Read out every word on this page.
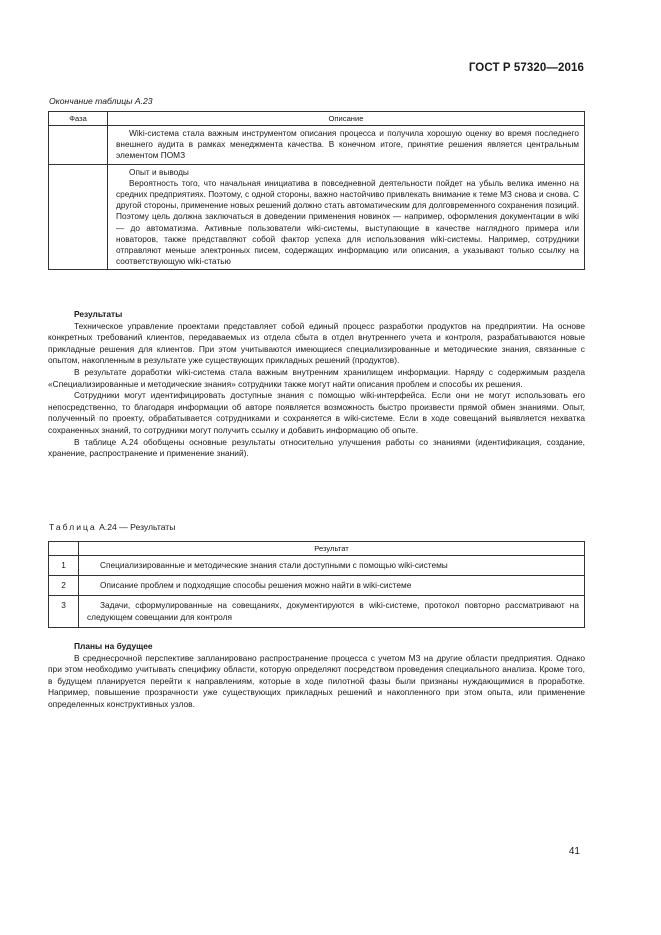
ГОСТ Р 57320—2016
Окончание таблицы А.23
Фаза	Описание

	Wiki-система стала важным инструментом описания процесса и получила хорошую оценку во время последнего внешнего аудита в рамках менеджмента качества. В конечном итоге, принятие решения является центральным элементом ПОМЗ

	Опыт и выводы

Вероятность того, что начальная инициатива в повседневной деятельности пойдет на убыль велика именно на средних предприятиях. Поэтому, с одной стороны, важно настойчиво привлекать внимание к теме МЗ снова и снова. С другой стороны, применение новых решений должно стать автоматическим для долговременного сохранения позиций. Поэтому цель должна заключаться в доведении применения новинок — например, оформления документации в wiki — до автоматизма. Активные пользователи wiki-системы, выступающие в качестве наглядного примера или новаторов, также представляют собой фактор успеха для использования wiki-системы. Например, сотрудники отправляют меньше электронных писем, содержащих информацию или описания, а указывают только ссылку на соответствующую wiki-статью

Результаты

Техническое управление проектами представляет собой единый процесс разработки продуктов на предприятии. На основе конкретных требований клиентов, передаваемых из отдела сбыта в отдел внутреннего учета и контроля, разрабатываются новые прикладные решения для клиентов. При этом учитываются имеющиеся специализированные и методические знания, связанные с опытом, накопленным в результате уже существующих прикладных решений (продуктов).

В результате доработки wiki-система стала важным внутренним хранилищем информации. Наряду с содержимым раздела «Специализированные и методические знания» сотрудники также могут найти описания проблем и способы их решения.

Сотрудники могут идентифицировать доступные знания с помощью wiki-интерфейса. Если они не могут использовать его непосредственно, то благодаря информации об авторе появляется возможность быстро произвести прямой обмен знаниями. Опыт, полученный по проекту, обрабатывается сотрудниками и сохраняется в wiki-системе. Если в ходе совещаний выявляется нехватка сохраненных знаний, то сотрудники могут получить ссылку и добавить информацию об опыте.

В таблице А.24 обобщены основные результаты относительно улучшения работы со знаниями (идентификация, создание, хранение, распространение и применение знаний).

Таблица А.24 — Результаты
	Результат
1	Специализированные и методические знания стали доступными с помощью wiki-системы

2	Описание проблем и подходящие способы решения можно найти в wiki-системе

3	Задачи, сформулированные на совещаниях, документируются в wiki-системе, протокол повторно рассматривают на следующем совещании для контроля

Планы на будущее

В среднесрочной перспективе запланировано распространение процесса с учетом МЗ на другие области предприятия. Однако при этом необходимо учитывать специфику области, которую определяют посредством проведения специального анализа. Кроме того, в будущем планируется перейти к направлениям, которые в ходе пилотной фазы были признаны нуждающимися в проработке. Например, повышение прозрачности уже существующих прикладных решений и накопленного при этом опыта, или применение определенных конструктивных узлов.

41
